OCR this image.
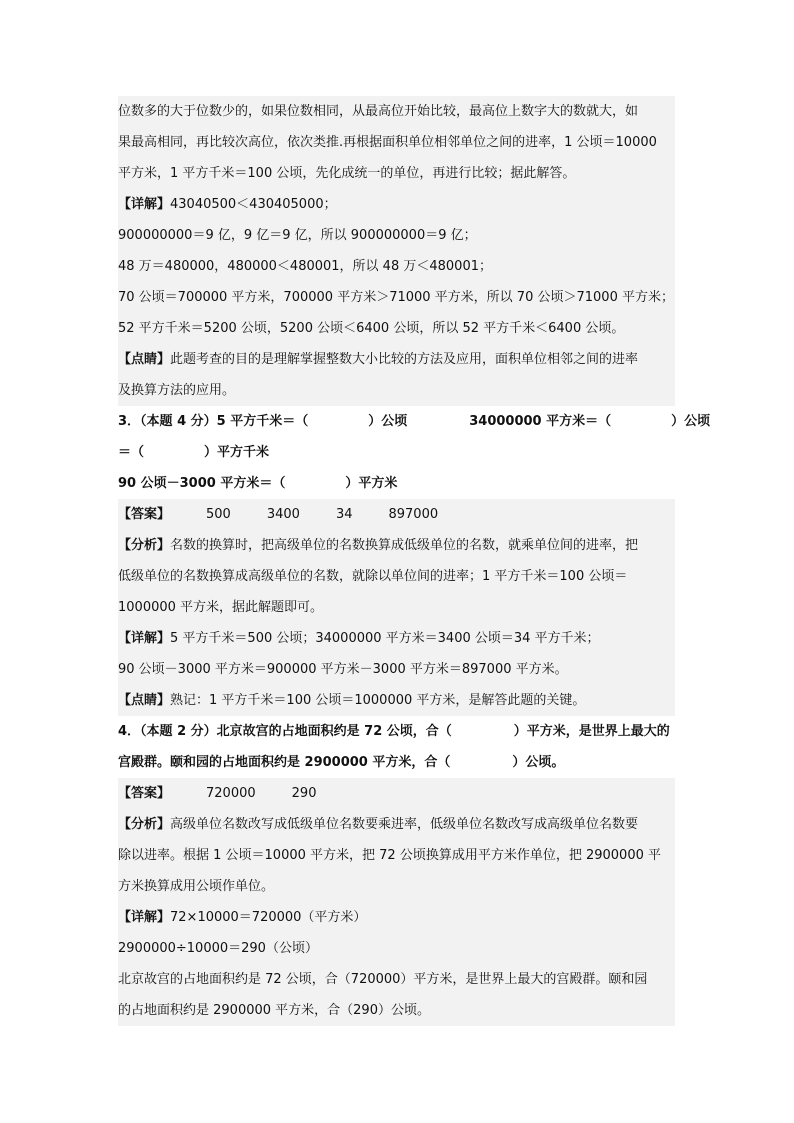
位数多的大于位数少的，如果位数相同，从最高位开始比较，最高位上数字大的数就大，如
果最高相同，再比较次高位，依次类推.再根据面积单位相邻单位之间的进率，1 公顷＝10000
平方米，1 平方千米＝100 公顷，先化成统一的单位，再进行比较；据此解答。
【详解】43040500＜430405000；
900000000＝9 亿，9 亿＝9 亿，所以 900000000＝9 亿；
48 万＝480000，480000＜480001，所以 48 万＜480001；
70 公顷＝700000 平方米，700000 平方米＞71000 平方米，所以 70 公顷＞71000 平方米；
52 平方千米＝5200 公顷，5200 公顷＜6400 公顷，所以 52 平方千米＜6400 公顷。
【点睛】此题考查的目的是理解掌握整数大小比较的方法及应用，面积单位相邻之间的进率
及换算方法的应用。
3．（本题 4 分）5 平方千米＝（	）公顷	34000000 平方米＝（	）公顷
＝（	）平方千米
90 公顷－3000 平方米＝（	）平方米
【答案】	500	3400	34	897000
【分析】名数的换算时，把高级单位的名数换算成低级单位的名数，就乘单位间的进率，把
低级单位的名数换算成高级单位的名数，就除以单位间的进率；1 平方千米＝100 公顷＝
1000000 平方米，据此解题即可。
【详解】5 平方千米＝500 公顷；34000000 平方米＝3400 公顷＝34 平方千米；
90 公顷－3000 平方米＝900000 平方米－3000 平方米＝897000 平方米。
【点睛】熟记：1 平方千米＝100 公顷＝1000000 平方米，是解答此题的关键。
4．（本题 2 分）北京故宫的占地面积约是 72 公顷，合（	）平方米，是世界上最大的
宫殿群。颐和园的占地面积约是 2900000 平方米，合（	）公顷。
【答案】	720000	290
【分析】高级单位名数改写成低级单位名数要乘进率，低级单位名数改写成高级单位名数要
除以进率。根据 1 公顷＝10000 平方米，把 72 公顷换算成用平方米作单位，把 2900000 平
方米换算成用公顷作单位。
【详解】72×10000＝720000（平方米）
2900000÷10000＝290（公顷）
北京故宫的占地面积约是 72 公顷，合（720000）平方米，是世界上最大的宫殿群。颐和园
的占地面积约是 2900000 平方米，合（290）公顷。
